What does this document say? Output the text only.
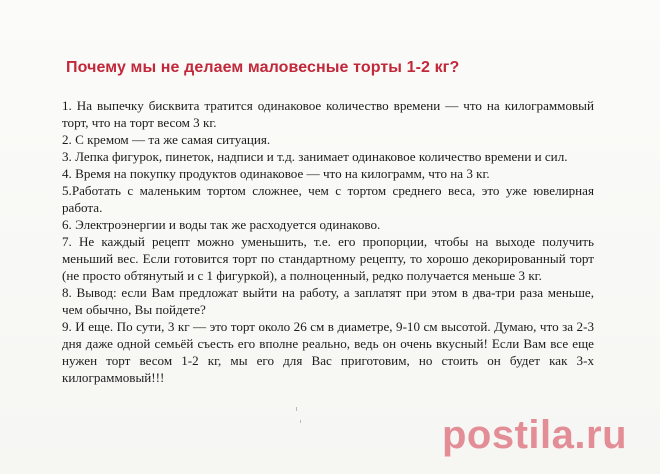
Почему мы не делаем маловесные торты 1-2 кг?

1. На выпечку бисквита тратится одинаковое количество времени — что на килограммовый торт, что на торт весом 3 кг.

2. С кремом — та же самая ситуация.

3. Лепка фигурок, пинеток, надписи и т.д. занимает одинаковое количество времени и сил.

4. Время на покупку продуктов одинаковое — что на килограмм, что на 3 кг.

5.Работать с маленьким тортом сложнее, чем с тортом среднего веса, это уже ювелирная работа.

6. Электроэнергии и воды так же расходуется одинаково.

7. Не каждый рецепт можно уменьшить, т.е. его пропорции, чтобы на выходе получить меньший вес. Если готовится торт по стандартному рецепту, то хорошо декорированный торт (не просто обтянутый и с 1 фигуркой), а полноценный, редко получается меньше 3 кг.

8. Вывод: если Вам предложат выйти на работу, а заплатят при этом в два-три раза меньше, чем обычно, Вы пойдете?

9. И еще. По сути, 3 кг — это торт около 26 см в диаметре, 9-10 см высотой. Думаю, что за 2-3 дня даже одной семьёй съесть его вполне реально, ведь он очень вкусный! Если Вам все еще нужен торт весом 1-2 кг, мы его для Вас приготовим, но стоить он будет как 3-х килограммовый!!!

postila.ru
